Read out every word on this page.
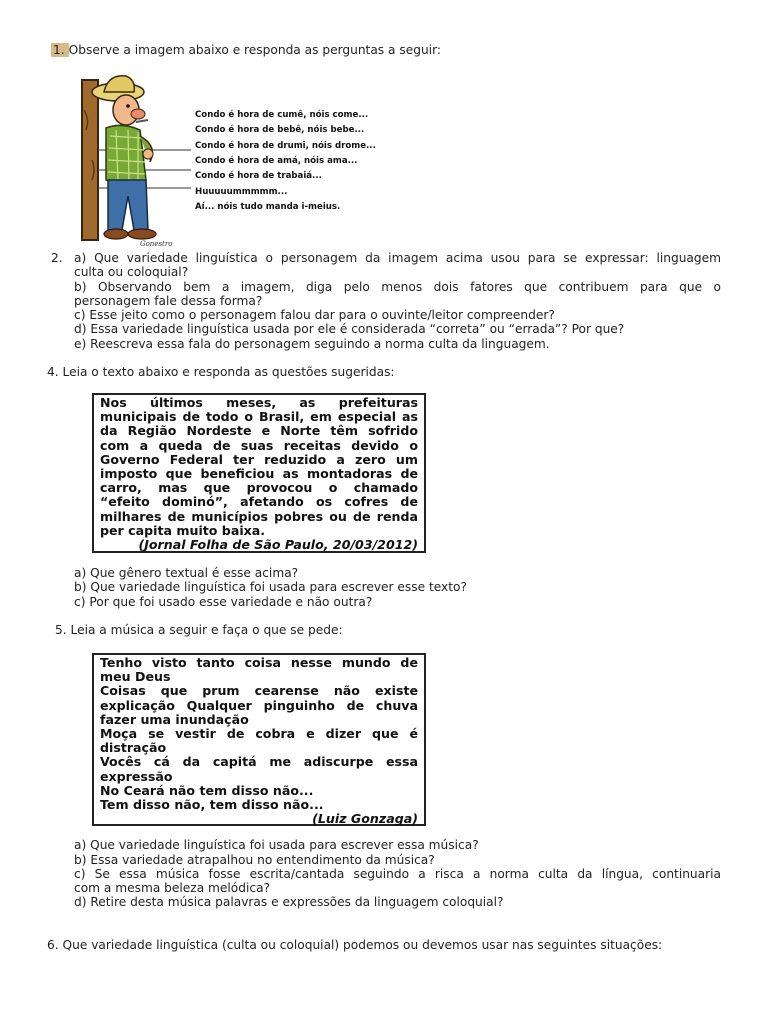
1. Observe a imagem abaixo e responda as perguntas a seguir:
Gonestro
Condo é hora de cumê, nóis come...
Condo é hora de bebê, nóis bebe...
Condo é hora de drumi, nóis drome...
Condo é hora de amá, nóis ama...
Condo é hora de trabaiá...
Huuuuummmmm...
Aí... nóis tudo manda i-meius.
2. a) Que variedade linguística o personagem da imagem acima usou para se expressar: linguagem
culta ou coloquial?
b) Observando bem a imagem, diga pelo menos dois fatores que contribuem para que o
personagem fale dessa forma?
c) Esse jeito como o personagem falou dar para o ouvinte/leitor compreender?
d) Essa variedade linguística usada por ele é considerada “correta” ou “errada”? Por que?
e) Reescreva essa fala do personagem seguindo a norma culta da linguagem.
4. Leia o texto abaixo e responda as questões sugeridas:
Nos últimos meses, as prefeituras
municipais de todo o Brasil, em especial as
da Região Nordeste e Norte têm sofrido
com a queda de suas receitas devido o
Governo Federal ter reduzido a zero um
imposto que beneficiou as montadoras de
carro, mas que provocou o chamado
“efeito dominó”, afetando os cofres de
milhares de municípios pobres ou de renda
per capita muito baixa.
(Jornal Folha de São Paulo, 20/03/2012)
a) Que gênero textual é esse acima?
b) Que variedade linguística foi usada para escrever esse texto?
c) Por que foi usado esse variedade e não outra?
5. Leia a música a seguir e faça o que se pede:
Tenho visto tanto coisa nesse mundo de
meu Deus
Coisas que prum cearense não existe
explicação Qualquer pinguinho de chuva
fazer uma inundação
Moça se vestir de cobra e dizer que é
distração
Vocês cá da capitá me adiscurpe essa
expressão
No Ceará não tem disso não...
Tem disso não, tem disso não...
(Luiz Gonzaga)
a) Que variedade linguística foi usada para escrever essa música?
b) Essa variedade atrapalhou no entendimento da música?
c) Se essa música fosse escrita/cantada seguindo a risca a norma culta da língua, continuaria
com a mesma beleza melódica?
d) Retire desta música palavras e expressões da linguagem coloquial?
6. Que variedade linguística (culta ou coloquial) podemos ou devemos usar nas seguintes situações:
